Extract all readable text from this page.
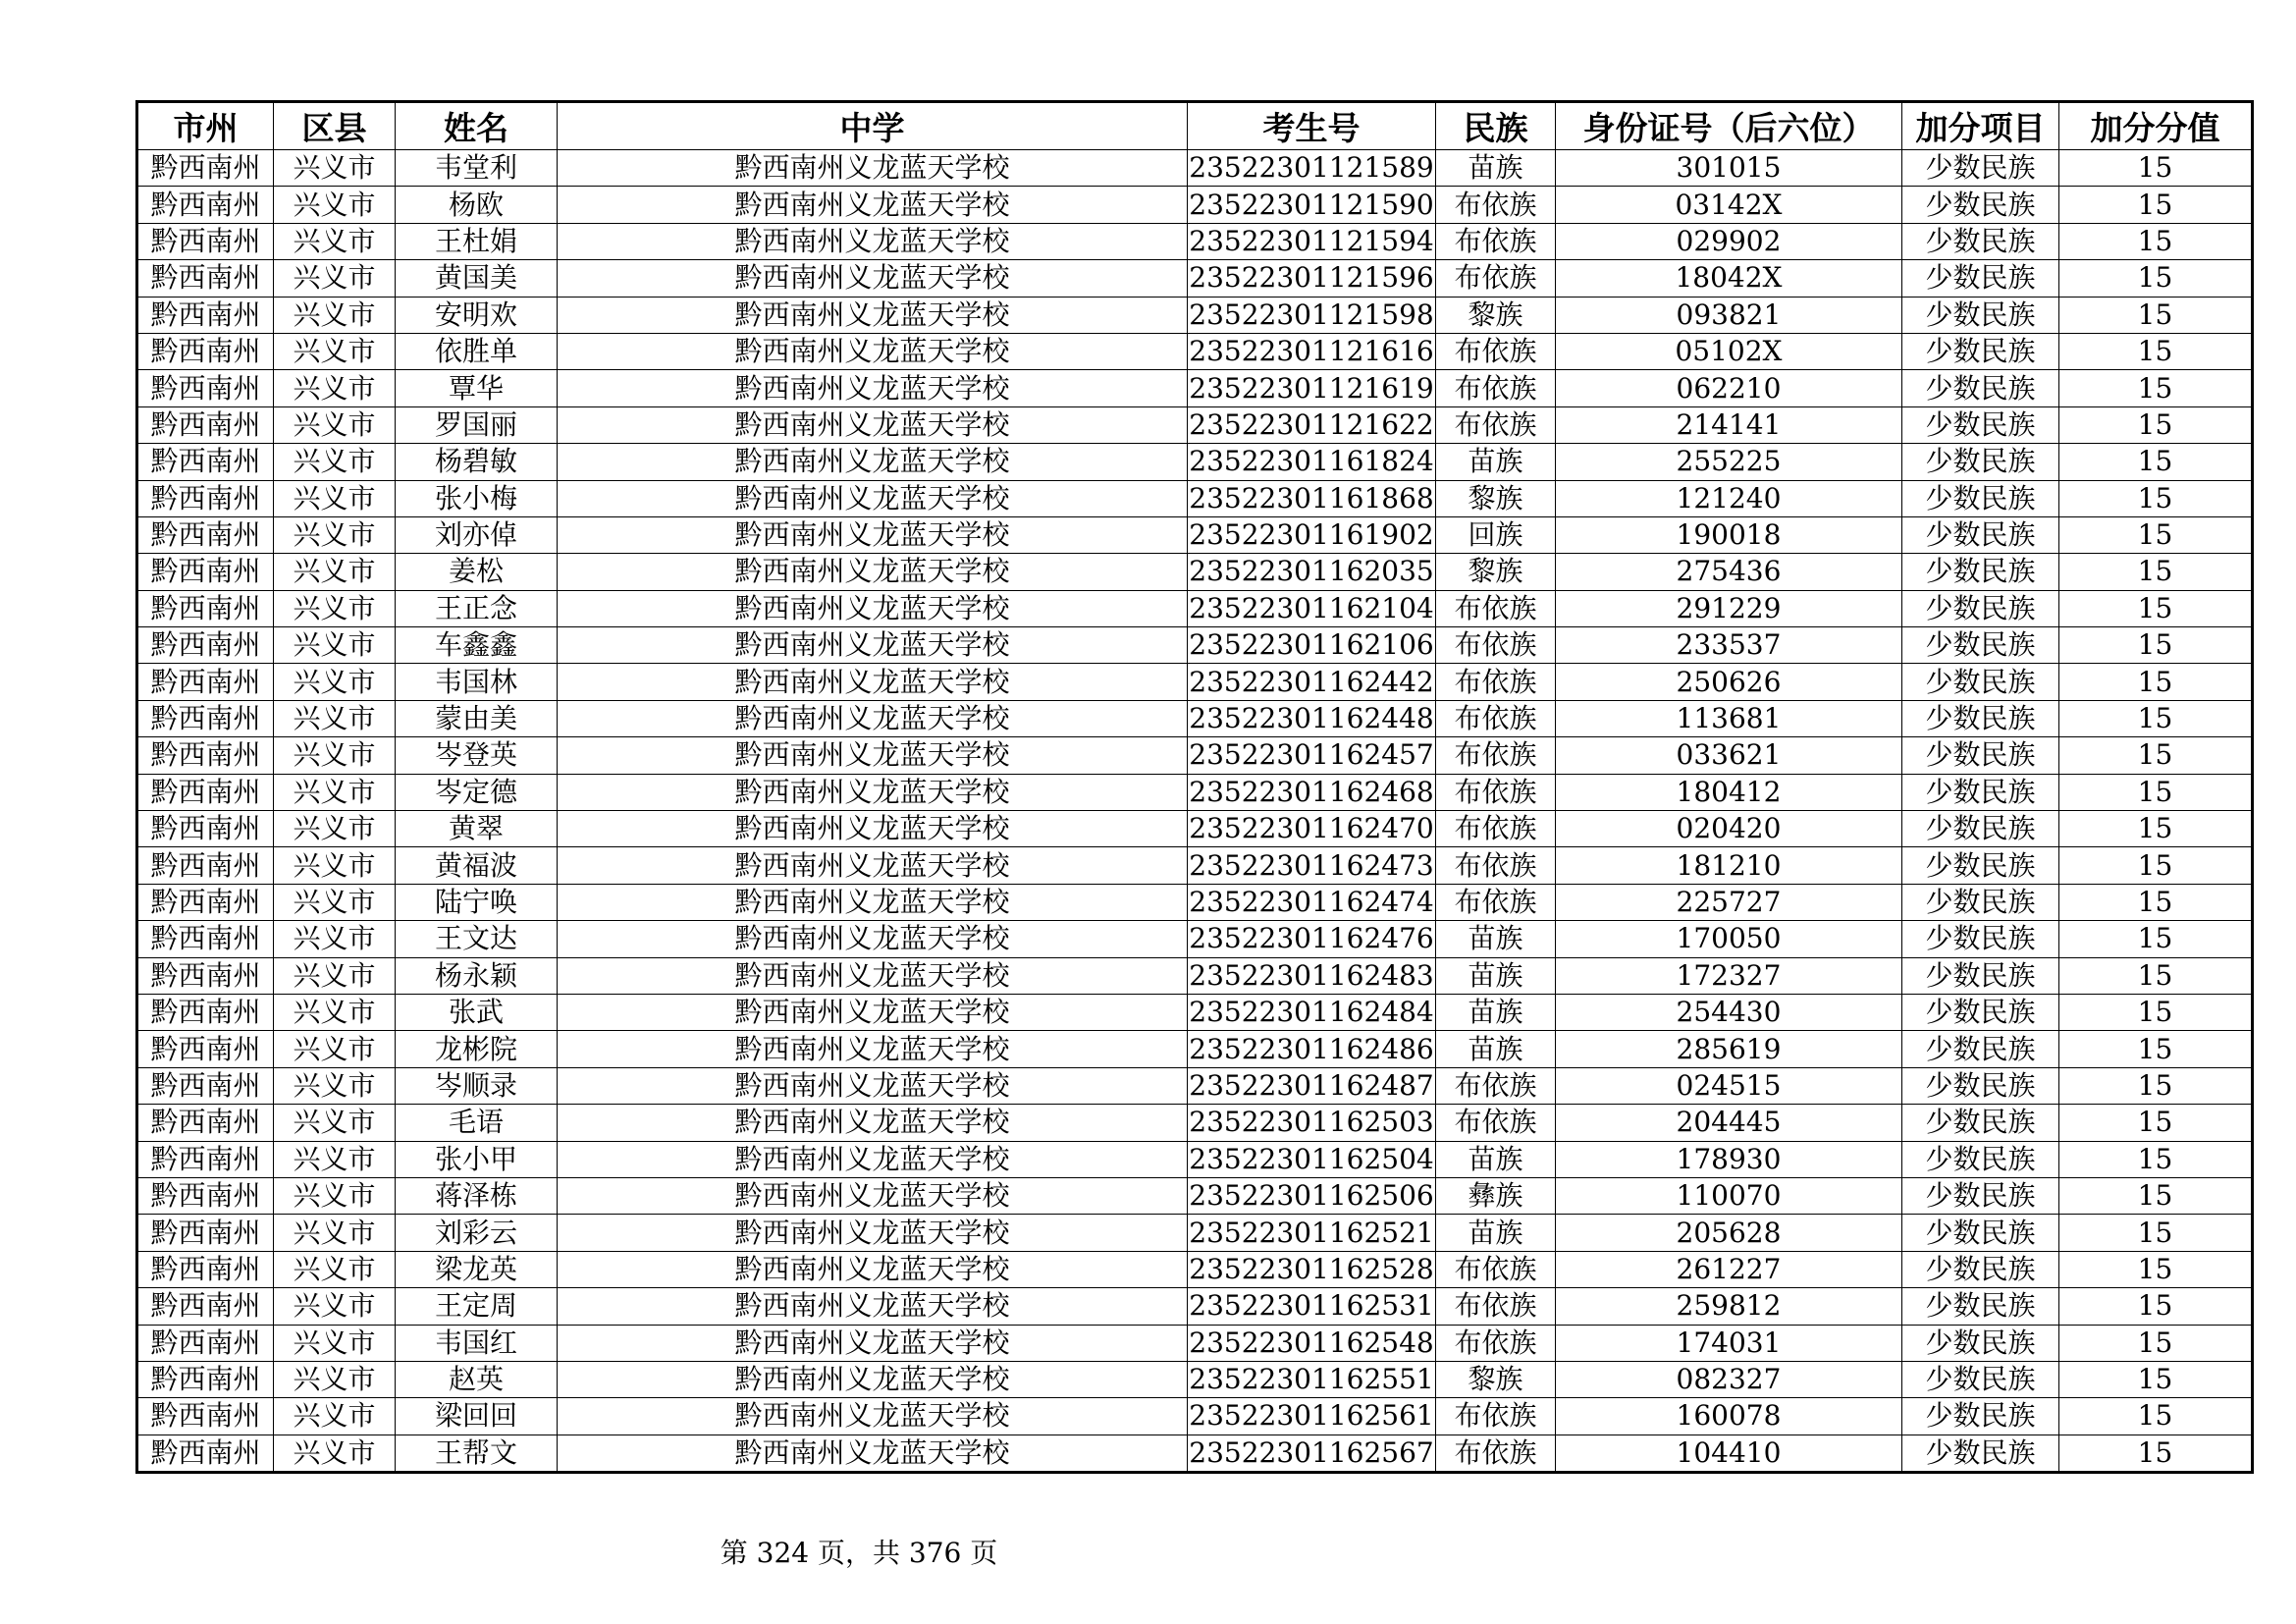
市州	区县	姓名	中学	考生号	民族	身份证号（后六位）	加分项目	加分分值
黔西南州	兴义市	韦堂利	黔西南州义龙蓝天学校	23522301121589	苗族	301015	少数民族	15
黔西南州	兴义市	杨欧	黔西南州义龙蓝天学校	23522301121590	布依族	03142X	少数民族	15
黔西南州	兴义市	王杜娟	黔西南州义龙蓝天学校	23522301121594	布依族	029902	少数民族	15
黔西南州	兴义市	黄国美	黔西南州义龙蓝天学校	23522301121596	布依族	18042X	少数民族	15
黔西南州	兴义市	安明欢	黔西南州义龙蓝天学校	23522301121598	黎族	093821	少数民族	15
黔西南州	兴义市	依胜单	黔西南州义龙蓝天学校	23522301121616	布依族	05102X	少数民族	15
黔西南州	兴义市	覃华	黔西南州义龙蓝天学校	23522301121619	布依族	062210	少数民族	15
黔西南州	兴义市	罗国丽	黔西南州义龙蓝天学校	23522301121622	布依族	214141	少数民族	15
黔西南州	兴义市	杨碧敏	黔西南州义龙蓝天学校	23522301161824	苗族	255225	少数民族	15
黔西南州	兴义市	张小梅	黔西南州义龙蓝天学校	23522301161868	黎族	121240	少数民族	15
黔西南州	兴义市	刘亦倬	黔西南州义龙蓝天学校	23522301161902	回族	190018	少数民族	15
黔西南州	兴义市	姜松	黔西南州义龙蓝天学校	23522301162035	黎族	275436	少数民族	15
黔西南州	兴义市	王正念	黔西南州义龙蓝天学校	23522301162104	布依族	291229	少数民族	15
黔西南州	兴义市	车鑫鑫	黔西南州义龙蓝天学校	23522301162106	布依族	233537	少数民族	15
黔西南州	兴义市	韦国林	黔西南州义龙蓝天学校	23522301162442	布依族	250626	少数民族	15
黔西南州	兴义市	蒙由美	黔西南州义龙蓝天学校	23522301162448	布依族	113681	少数民族	15
黔西南州	兴义市	岑登英	黔西南州义龙蓝天学校	23522301162457	布依族	033621	少数民族	15
黔西南州	兴义市	岑定德	黔西南州义龙蓝天学校	23522301162468	布依族	180412	少数民族	15
黔西南州	兴义市	黄翠	黔西南州义龙蓝天学校	23522301162470	布依族	020420	少数民族	15
黔西南州	兴义市	黄福波	黔西南州义龙蓝天学校	23522301162473	布依族	181210	少数民族	15
黔西南州	兴义市	陆宁唤	黔西南州义龙蓝天学校	23522301162474	布依族	225727	少数民族	15
黔西南州	兴义市	王文达	黔西南州义龙蓝天学校	23522301162476	苗族	170050	少数民族	15
黔西南州	兴义市	杨永颖	黔西南州义龙蓝天学校	23522301162483	苗族	172327	少数民族	15
黔西南州	兴义市	张武	黔西南州义龙蓝天学校	23522301162484	苗族	254430	少数民族	15
黔西南州	兴义市	龙彬院	黔西南州义龙蓝天学校	23522301162486	苗族	285619	少数民族	15
黔西南州	兴义市	岑顺录	黔西南州义龙蓝天学校	23522301162487	布依族	024515	少数民族	15
黔西南州	兴义市	毛语	黔西南州义龙蓝天学校	23522301162503	布依族	204445	少数民族	15
黔西南州	兴义市	张小甲	黔西南州义龙蓝天学校	23522301162504	苗族	178930	少数民族	15
黔西南州	兴义市	蒋泽栋	黔西南州义龙蓝天学校	23522301162506	彝族	110070	少数民族	15
黔西南州	兴义市	刘彩云	黔西南州义龙蓝天学校	23522301162521	苗族	205628	少数民族	15
黔西南州	兴义市	梁龙英	黔西南州义龙蓝天学校	23522301162528	布依族	261227	少数民族	15
黔西南州	兴义市	王定周	黔西南州义龙蓝天学校	23522301162531	布依族	259812	少数民族	15
黔西南州	兴义市	韦国红	黔西南州义龙蓝天学校	23522301162548	布依族	174031	少数民族	15
黔西南州	兴义市	赵英	黔西南州义龙蓝天学校	23522301162551	黎族	082327	少数民族	15
黔西南州	兴义市	梁回回	黔西南州义龙蓝天学校	23522301162561	布依族	160078	少数民族	15
黔西南州	兴义市	王帮文	黔西南州义龙蓝天学校	23522301162567	布依族	104410	少数民族	15
第 324 页，共 376 页
